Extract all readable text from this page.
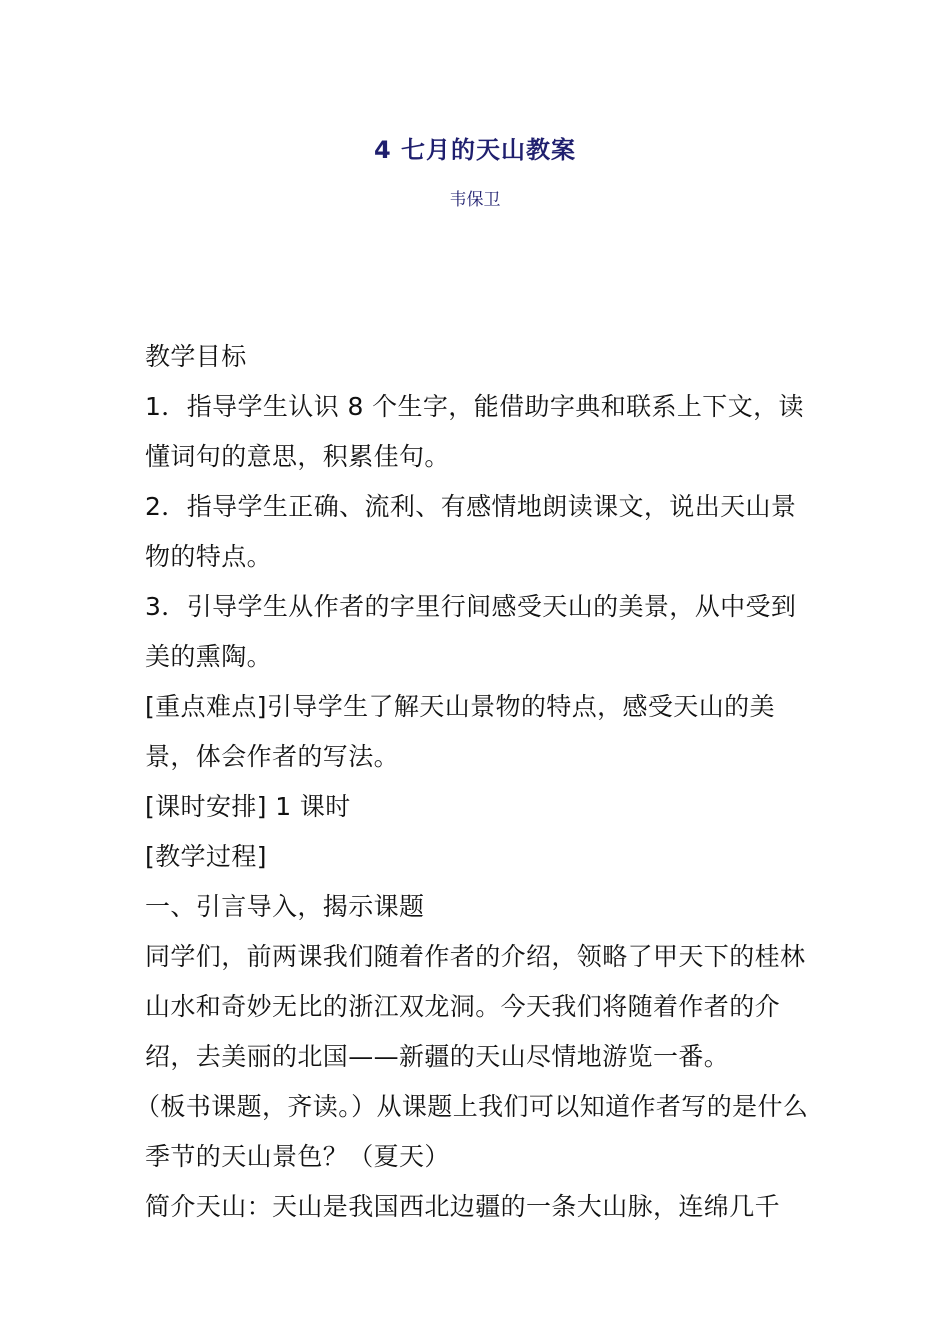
4 七月的天山教案
韦保卫

教学目标

1．指导学生认识 8 个生字，能借助字典和联系上下文，读懂词句的意思，积累佳句。

2．指导学生正确、流利、有感情地朗读课文，说出天山景物的特点。

3．引导学生从作者的字里行间感受天山的美景，从中受到美的熏陶。

[重点难点]引导学生了解天山景物的特点，感受天山的美景，体会作者的写法。

[课时安排] 1 课时

[教学过程]

一、引言导入，揭示课题

同学们，前两课我们随着作者的介绍，领略了甲天下的桂林山水和奇妙无比的浙江双龙洞。今天我们将随着作者的介绍，去美丽的北国——新疆的天山尽情地游览一番。

（板书课题，齐读。）从课题上我们可以知道作者写的是什么季节的天山景色？（夏天）

简介天山：天山是我国西北边疆的一条大山脉，连绵几千
